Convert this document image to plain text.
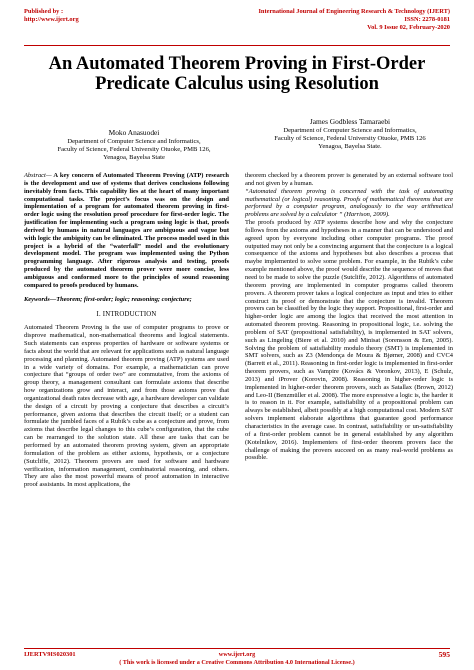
Published by :
http://www.ijert.org
International Journal of Engineering Research & Technology (IJERT)
ISSN: 2278-0181
Vol. 9 Issue 02, February-2020
An Automated Theorem Proving in First-Order
Predicate Calculus using Resolution
Moko Anasuodei
Department of Computer Science and Informatics,
Faculty of Science, Federal University Otuoke, PMB 126,
Yenagoa, Bayelsa State
James Godbless Tamaraebi
Department of Computer Science and Informatics,
Faculty of Science, Federal University Otuoke, PMB 126
Yenagoa, Bayelsa State.

Abstract— A key concern of Automated Theorem Proving (ATP) research is the development and use of systems that derives conclusions following inevitably from facts. This capability lies at the heart of many important computational tasks. The project’s focus was on the design and implementation of a program for automated theorem proving in first-order logic using the resolution proof procedure for first-order logic. The justification for implementing such a program using logic is that, proofs derived by humans in natural languages are ambiguous and vague but with logic the ambiguity can be eliminated. The process model used in this project is a hybrid of the “waterfall” model and the evolutionary development model. The program was implemented using the Python programming language. After rigorous analysis and testing, proofs produced by the automated theorem prover were more concise, less ambiguous and conformed more to the principles of sound reasoning compared to proofs produced by humans.

Keywords—Theorem; first-order; logic; reasoning; conjecture;

I. INTRODUCTION

Automated Theorem Proving is the use of computer programs to prove or disprove mathematical, non-mathematical theorems and logical statements. Such statements can express properties of hardware or software systems or facts about the world that are relevant for applications such as natural language processing and planning. Automated theorem proving (ATP) systems are used in a wide variety of domains. For example, a mathematician can prove conjecture that “groups of order two” are commutative, from the axioms of group theory, a management consultant can formulate axioms that describe how organizations grow and interact, and from those axioms prove that organizational death rates decrease with age, a hardware developer can validate the design of a circuit by proving a conjecture that describes a circuit’s performance, given axioms that describes the circuit itself; or a student can formulate the jumbled faces of a Rubik’s cube as a conjecture and prove, from axioms that describe legal changes to this cube’s configuration, that the cube can be rearranged to the solution state. All these are tasks that can be performed by an automated theorem proving system, given an appropriate formulation of the problem as either axioms, hypothesis, or a conjecture (Sutcliffe, 2012). Theorem provers are used for software and hardware verification, information management, combinatorial reasoning, and others. They are also the most powerful means of proof automation in interactive proof assistants. In most applications, the

theorem checked by a theorem prover is generated by an external software tool and not given by a human.

“Automated theorem proving is concerned with the task of automating mathematical (or logical) reasoning. Proofs of mathematical theorems that are performed by a computer program, analogously to the way arithmetical problems are solved by a calculator ” (Harrison, 2009).

The proofs produced by ATP systems describe how and why the conjecture follows from the axioms and hypotheses in a manner that can be understood and agreed upon by everyone including other computer programs. The proof outputted may not only be a convincing argument that the conjecture is a logical consequence of the axioms and hypotheses but also describes a process that maybe implemented to solve some problem. For example, in the Rubik’s cube example mentioned above, the proof would describe the sequence of moves that need to be made to solve the puzzle (Sutcliffe, 2012). Algorithms of automated theorem proving are implemented in computer programs called theorem provers. A theorem prover takes a logical conjecture as input and tries to either construct its proof or demonstrate that the conjecture is invalid. Theorem provers can be classified by the logic they support. Propositional, first-order and higher-order logic are among the logics that received the most attention in automated theorem proving. Reasoning in propositional logic, i.e. solving the problem of SAT (propositional satisfiability), is implemented in SAT solvers, such as Lingeling (Biere et al. 2010) and Minisat (Sorensson & Een, 2005). Solving the problem of satisfiability modulo theory (SMT) is implemented in SMT solvers, such as Z3 (Mendonça de Moura & Bjørner, 2008) and CVC4 (Barrett et al., 2011). Reasoning in first-order logic is implemented in first-order theorem provers, such as Vampire (Kovács & Voronkov, 2013), E (Schulz, 2013) and iProver (Korovin, 2008). Reasoning in higher-order logic is implemented in higher-order theorem provers, such as Satallax (Brown, 2012) and Leo-II (Benzmüller et al. 2008). The more expressive a logic is, the harder it is to reason in it. For example, satisfiability of a propositional problem can always be established, albeit possibly at a high computational cost. Modern SAT solvers implement elaborate algorithms that guarantee good performance characteristics in the average case. In contrast, satisfiability or un-satisfiability of a first-order problem cannot be in general established by any algorithm (Kotelnikov, 2016). Implementers of first-order theorem provers face the challenge of making the provers succeed on as many real-world problems as possible.

IJERTV9IS020301	www.ijert.org
( This work is licensed under a Creative Commons Attribution 4.0 International License.)
595
